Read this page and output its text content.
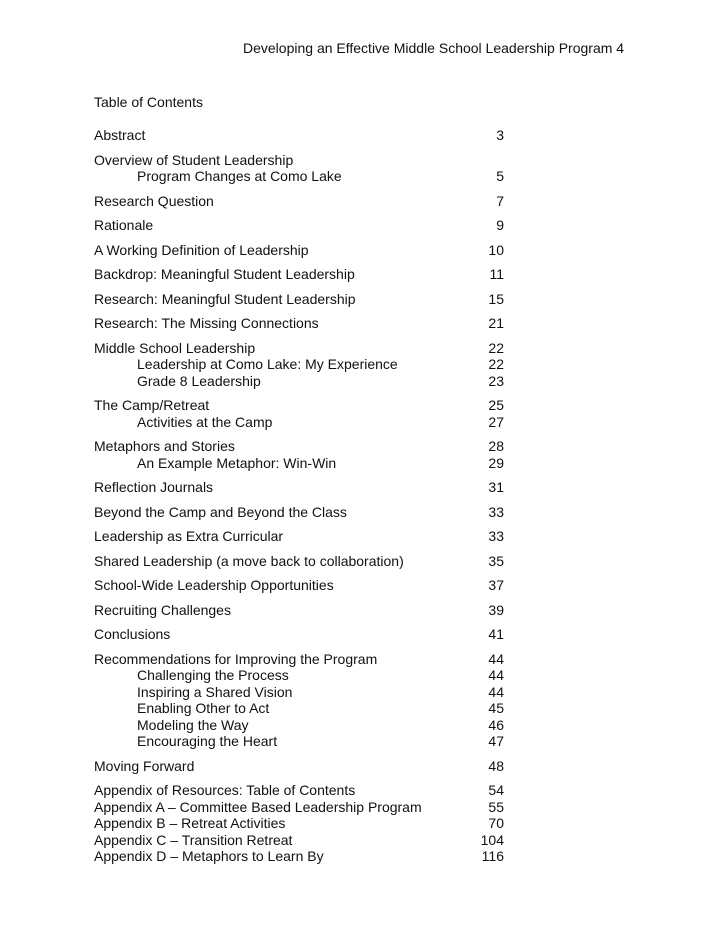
Developing an Effective Middle School Leadership Program 4
Table of Contents
Abstract	3
Overview of Student Leadership
Program Changes at Como Lake	5
Research Question	7
Rationale	9
A Working Definition of Leadership	10
Backdrop: Meaningful Student Leadership	11
Research: Meaningful Student Leadership	15
Research: The Missing Connections	21
Middle School Leadership	22
Leadership at Como Lake: My Experience	22
Grade 8 Leadership	23
The Camp/Retreat	25
Activities at the Camp	27
Metaphors and Stories	28
An Example Metaphor: Win-Win	29
Reflection Journals	31
Beyond the Camp and Beyond the Class	33
Leadership as Extra Curricular	33
Shared Leadership (a move back to collaboration)	35
School-Wide Leadership Opportunities	37
Recruiting Challenges	39
Conclusions	41
Recommendations for Improving the Program	44
Challenging the Process	44
Inspiring a Shared Vision	44
Enabling Other to Act	45
Modeling the Way	46
Encouraging the Heart	47
Moving Forward	48
Appendix of Resources: Table of Contents	54
Appendix A – Committee Based Leadership Program	55
Appendix B – Retreat Activities	70
Appendix C – Transition Retreat	104
Appendix D – Metaphors to Learn By	116
